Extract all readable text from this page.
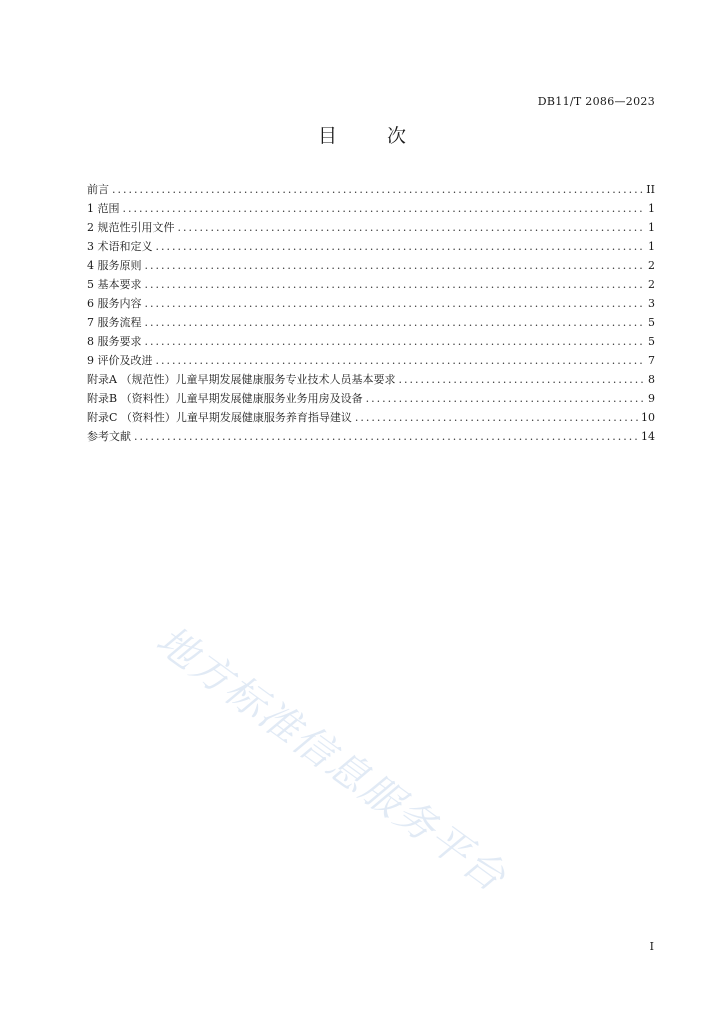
DB11/T 2086—2023
目 次
前言 .....	II
1 范围 .....	1
2 规范性引用文件 .....	1
3 术语和定义 .....	1
4 服务原则 .....	2
5 基本要求 .....	2
6 服务内容 .....	3
7 服务流程 .....	5
8 服务要求 .....	5
9 评价及改进 .....	7
附录A （规范性）儿童早期发展健康服务专业技术人员基本要求 .....	8
附录B （资料性）儿童早期发展健康服务业务用房及设备 .....	9
附录C （资料性）儿童早期发展健康服务养育指导建议 .....	10
参考文献 .....	14
地方标准信息服务平台
I
